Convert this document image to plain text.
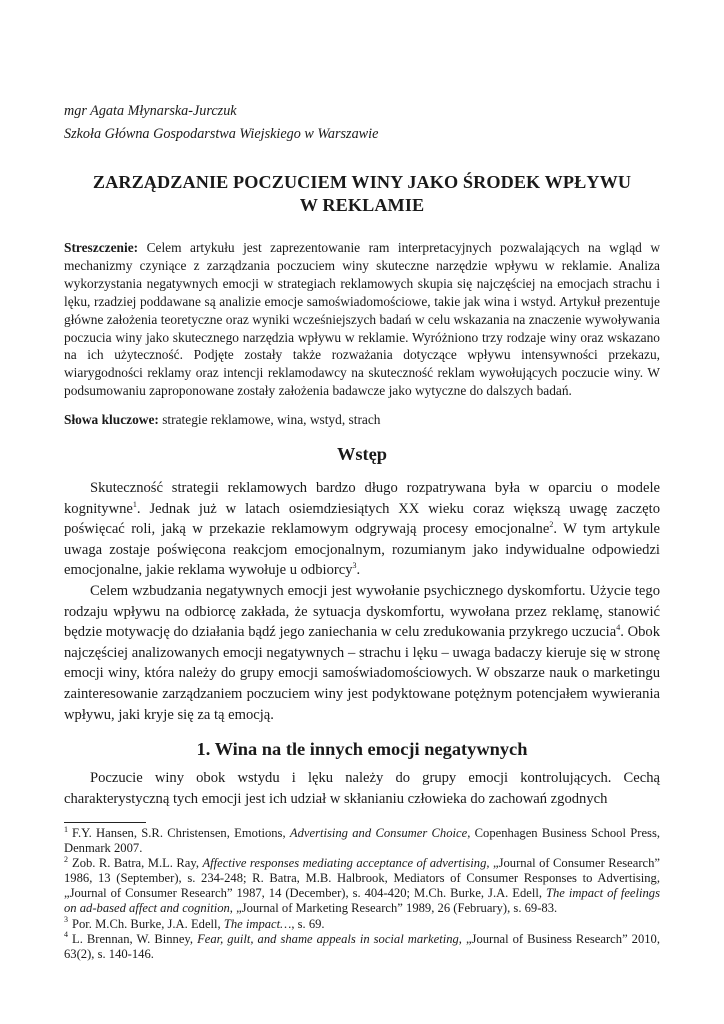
mgr Agata Młynarska-Jurczuk
Szkoła Główna Gospodarstwa Wiejskiego w Warszawie
ZARZĄDZANIE POCZUCIEM WINY JAKO ŚRODEK WPŁYWU
W REKLAMIE
Streszczenie: Celem artykułu jest zaprezentowanie ram interpretacyjnych pozwalających na wgląd w mechanizmy czyniące z zarządzania poczuciem winy skuteczne narzędzie wpływu w reklamie. Analiza wykorzystania negatywnych emocji w strategiach reklamowych skupia się najczęściej na emocjach strachu i lęku, rzadziej poddawane są analizie emocje samoświadomościowe, takie jak wina i wstyd. Artykuł prezentuje główne założenia teoretyczne oraz wyniki wcześniejszych badań w celu wskazania na znaczenie wywoływania poczucia winy jako skutecznego narzędzia wpływu w reklamie. Wyróżniono trzy rodzaje winy oraz wskazano na ich użyteczność. Podjęte zostały także rozważania dotyczące wpływu intensywności przekazu, wiarygodności reklamy oraz intencji reklamodawcy na skuteczność reklam wywołujących poczucie winy. W podsumowaniu zaproponowane zostały założenia badawcze jako wytyczne do dalszych badań.
Słowa kluczowe: strategie reklamowe, wina, wstyd, strach
Wstęp

Skuteczność strategii reklamowych bardzo długo rozpatrywana była w oparciu o modele kognitywne$^1$. Jednak już w latach osiemdziesiątych XX wieku coraz większą uwagę zaczęto poświęcać roli, jaką w przekazie reklamowym odgrywają procesy emocjonalne$^2$. W tym artykule uwaga zostaje poświęcona reakcjom emocjonalnym, rozumianym jako indywidualne odpowiedzi emocjonalne, jakie reklama wywołuje u odbiorcy$^3$.

Celem wzbudzania negatywnych emocji jest wywołanie psychicznego dyskomfortu. Użycie tego rodzaju wpływu na odbiorcę zakłada, że sytuacja dyskomfortu, wywołana przez reklamę, stanowić będzie motywację do działania bądź jego zaniechania w celu zredukowania przykrego uczucia$^4$. Obok najczęściej analizowanych emocji negatywnych – strachu i lęku – uwaga badaczy kieruje się w stronę emocji winy, która należy do grupy emocji samoświadomościowych. W obszarze nauk o marketingu zainteresowanie zarządzaniem poczuciem winy jest podyktowane potężnym potencjałem wywierania wpływu, jaki kryje się za tą emocją.

1. Wina na tle innych emocji negatywnych

Poczucie winy obok wstydu i lęku należy do grupy emocji kontrolujących. Cechą charakterystyczną tych emocji jest ich udział w skłanianiu człowieka do zachowań zgodnych

$^1$ F.Y. Hansen, S.R. Christensen, Emotions, Advertising and Consumer Choice, Copenhagen Business School Press, Denmark 2007.

$^2$ Zob. R. Batra, M.L. Ray, Affective responses mediating acceptance of advertising, „Journal of Consumer Research” 1986, 13 (September), s. 234-248; R. Batra, M.B. Halbrook, Mediators of Consumer Responses to Advertising, „Journal of Consumer Research” 1987, 14 (December), s. 404-420; M.Ch. Burke, J.A. Edell, The impact of feelings on ad-based affect and cognition, „Journal of Marketing Research” 1989, 26 (February), s. 69-83.

$^3$ Por. M.Ch. Burke, J.A. Edell, The impact…, s. 69.

$^4$ L. Brennan, W. Binney, Fear, guilt, and shame appeals in social marketing, „Journal of Business Research” 2010, 63(2), s. 140-146.
